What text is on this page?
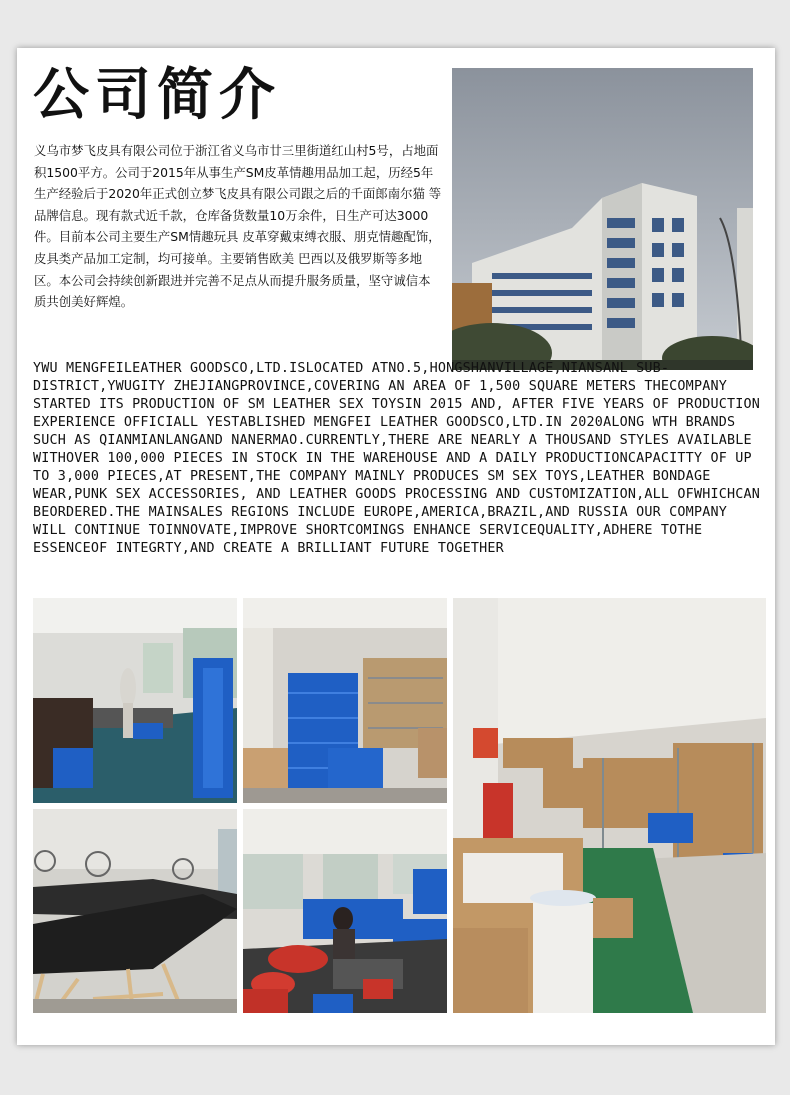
公司简介

义乌市梦飞皮具有限公司位于浙江省义乌市廿三里街道红山村5号，占地面积1500平方。公司于2015年从事生产SM皮革情趣用品加工起，历经5年生产经验后于2020年正式创立梦飞皮具有限公司跟之后的千面郎南尔猫 等品牌信息。现有款式近千款，仓库备货数量10万余件，日生产可达3000件。目前本公司主要生产SM情趣玩具 皮革穿戴束缚衣服、朋克情趣配饰，皮具类产品加工定制，均可接单。主要销售欧美 巴西以及俄罗斯等多地区。本公司会持续创新跟进并完善不足点从而提升服务质量，坚守诚信本质共创美好辉煌。

YWU MENGFEILEATHER GOODSCO,LTD.ISLOCATED ATNO.5,HONGSHANVILLAGE,NIANSANL SUB-DISTRICT,YWUGITY ZHEJIANGPROVINCE,COVERING AN AREA OF 1,500 SQUARE METERS THECOMPANY STARTED ITS PRODUCTION OF SM LEATHER SEX TOYSIN 2015 AND, AFTER FIVE YEARS OF PRODUCTION EXPERIENCE OFFICIALL YESTABLISHED MENGFEI LEATHER GOODSCO,LTD.IN 2020ALONG WTH BRANDS SUCH AS QIANMIANLANGAND NANERMAO.CURRENTLY,THERE ARE NEARLY A THOUSAND STYLES AVAILABLE WITHOVER 100,000 PIECES IN STOCK IN THE WAREHOUSE AND A DAILY PRODUCTIONCAPACITTY OF UP TO 3,000 PIECES,AT PRESENT,THE COMPANY MAINLY PRODUCES SM SEX TOYS,LEATHER BONDAGE WEAR,PUNK SEX ACCESSORIES, AND LEATHER GOODS PROCESSING AND CUSTOMIZATION,ALL OFWHICHCAN BEORDERED.THE MAINSALES REGIONS INCLUDE EUROPE,AMERICA,BRAZIL,AND RUSSIA OUR COMPANY WILL CONTINUE TOINNOVATE,IMPROVE SHORTCOMINGS ENHANCE SERVICEQUALITY,ADHERE TOTHE ESSENCEOF INTEGRTY,AND CREATE A BRILLIANT FUTURE TOGETHER
